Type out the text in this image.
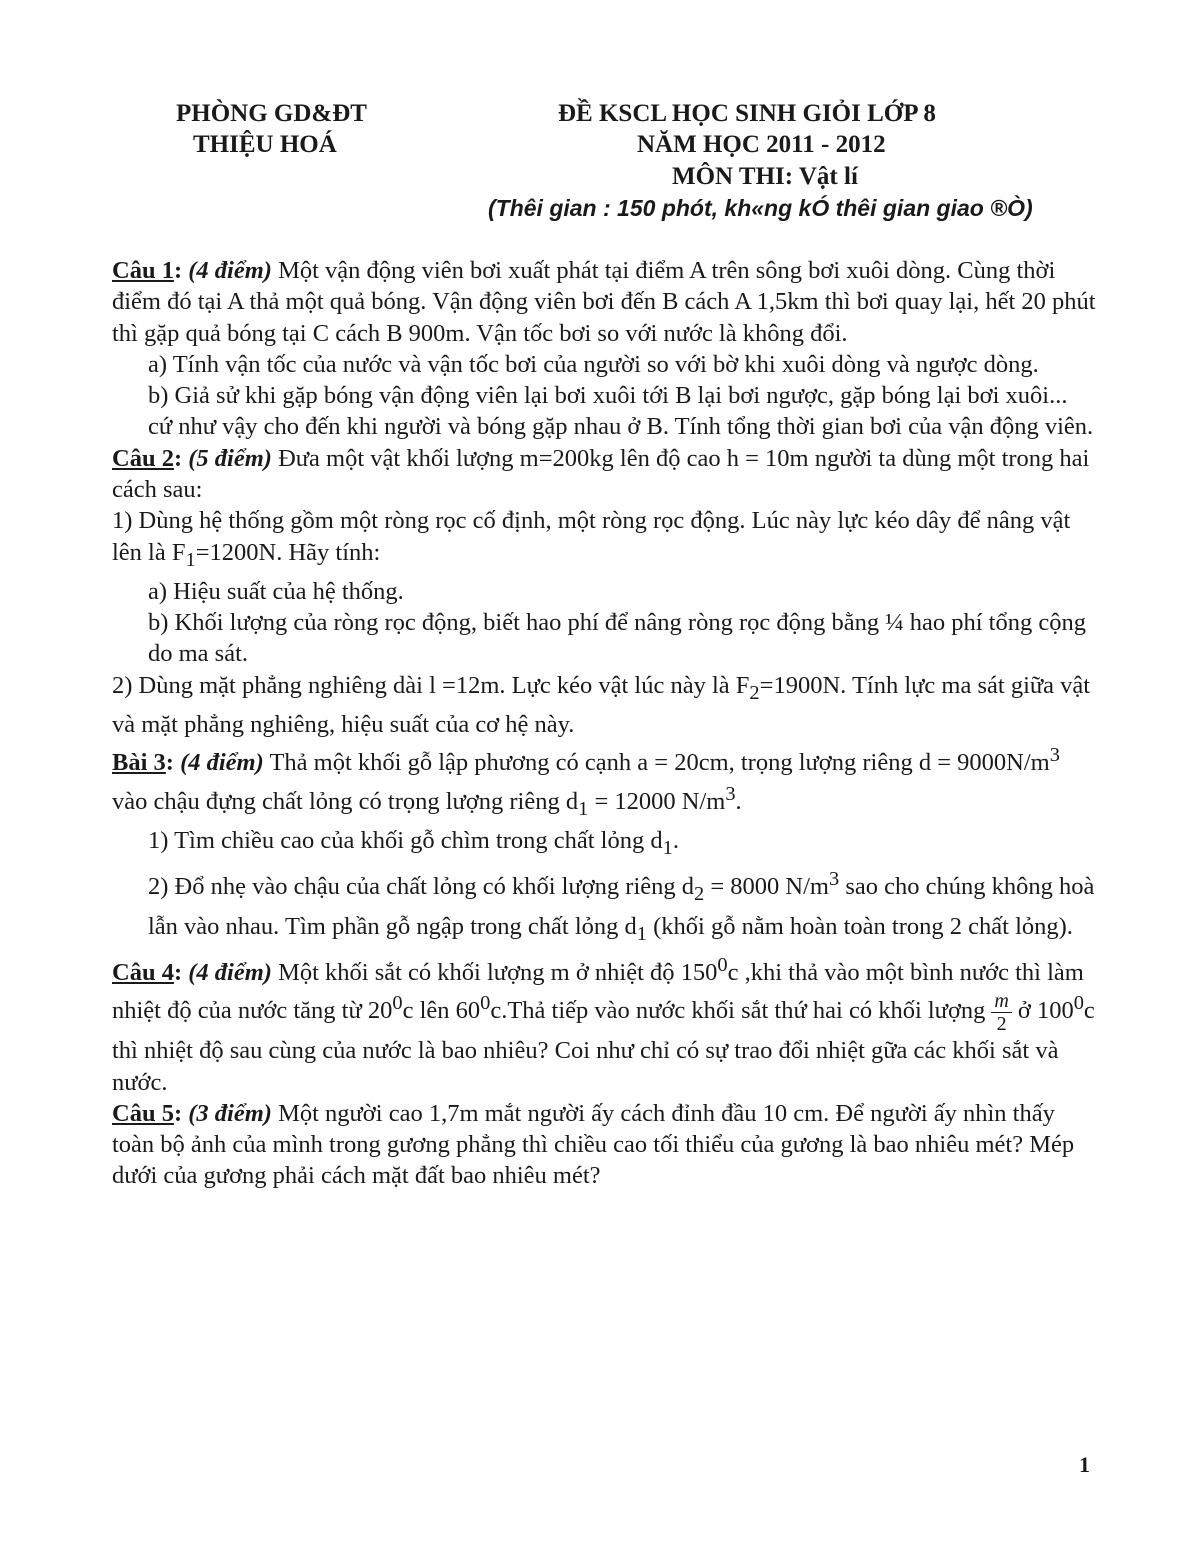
PHÒNG GD&ĐT
THIỆU HOÁ
ĐỀ KSCL HỌC SINH GIỎI LỚP 8
NĂM HỌC 2011 - 2012
MÔN THI: Vật lí
(Thêi gian : 150 phót, kh«ng kÓ thêi gian giao ®Ò)

Câu 1: (4 điểm) Một vận động viên bơi xuất phát tại điểm A trên sông bơi xuôi dòng. Cùng thời điểm đó tại A thả một quả bóng. Vận động viên bơi đến B cách A 1,5km thì bơi quay lại, hết 20 phút thì gặp quả bóng tại C cách B 900m. Vận tốc bơi so với nước là không đổi.

a) Tính vận tốc của nước và vận tốc bơi của người so với bờ khi xuôi dòng và ngược dòng.

b) Giả sử khi gặp bóng vận động viên lại bơi xuôi tới B lại bơi ngược, gặp bóng lại bơi xuôi... cứ như vậy cho đến khi người và bóng gặp nhau ở B. Tính tổng thời gian bơi của vận động viên.

Câu 2: (5 điểm) Đưa một vật khối lượng m=200kg lên độ cao h = 10m người ta dùng một trong hai cách sau:

1) Dùng hệ thống gồm một ròng rọc cố định, một ròng rọc động. Lúc này lực kéo dây để nâng vật lên là $F_1=1200N$. Hãy tính:

a) Hiệu suất của hệ thống.

b) Khối lượng của ròng rọc động, biết hao phí để nâng ròng rọc động bằng ¼ hao phí tổng cộng do ma sát.

2) Dùng mặt phẳng nghiêng dài l =12m. Lực kéo vật lúc này là $F_2=1900N$. Tính lực ma sát giữa vật và mặt phẳng nghiêng, hiệu suất của cơ hệ này.

Bài 3: (4 điểm) Thả một khối gỗ lập phương có cạnh a = 20cm, trọng lượng riêng $d = 9000N/m^3$ vào chậu đựng chất lỏng có trọng lượng riêng $d_1 = 12000$ $N/m^3$.

1) Tìm chiều cao của khối gỗ chìm trong chất lỏng $d_1$.

2) Đổ nhẹ vào chậu của chất lỏng có khối lượng riêng $d_2 = 8000$ $N/m^3$ sao cho chúng không hoà lẫn vào nhau. Tìm phần gỗ ngập trong chất lỏng $d_1$ (khối gỗ nằm hoàn toàn trong 2 chất lỏng).

Câu 4: (4 điểm) Một khối sắt có khối lượng m ở nhiệt độ $150^0c$ ,khi thả vào một bình nước thì làm nhiệt độ của nước tăng từ $20^0c$ lên $60^0c.Thả$ tiếp vào nước khối sắt thứ hai có khối lượng $\frac{m}{2}$ ở $100^0c$ thì nhiệt độ sau cùng của nước là bao nhiêu? Coi như chỉ có sự trao đổi nhiệt gữa các khối sắt và nước.

Câu 5: (3 điểm) Một người cao 1,7m mắt người ấy cách đỉnh đầu 10 cm. Để người ấy nhìn thấy toàn bộ ảnh của mình trong gương phẳng thì chiều cao tối thiểu của gương là bao nhiêu mét? Mép dưới của gương phải cách mặt đất bao nhiêu mét?

1
